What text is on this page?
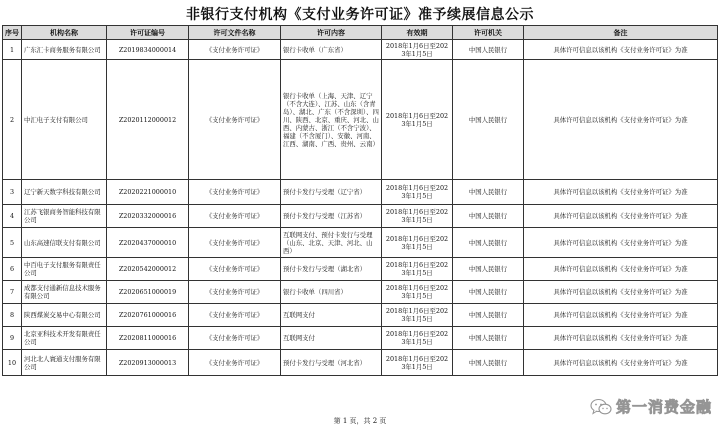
非银行支付机构《支付业务许可证》准予续展信息公示
序号	机构名称	许可证编号	许可文件名称	许可内容	有效期	许可机关	备注
1	广东汇卡商务服务有限公司	Z2019834000014	《支付业务许可证》	银行卡收单（广东省）	2018年1月6日至2023年1月5日	中国人民银行	具体许可信息以该机构《支付业务许可证》为准
2	中汇电子支付有限公司	Z2020112000012	《支付业务许可证》	银行卡收单（上海、天津、辽宁（不含大连）、江苏、山东（含青岛）、湖北、广东（不含深圳）、四川、陕西、北京、重庆、河北、山西、内蒙古、浙江（不含宁波）、福建（不含厦门）、安徽、河南、江西、湖南、广西、贵州、云南）	2018年1月6日至2023年1月5日	中国人民银行	具体许可信息以该机构《支付业务许可证》为准
3	辽宁新天数字科技有限公司	Z2020221000010	《支付业务许可证》	预付卡发行与受理（辽宁省）	2018年1月6日至2023年1月5日	中国人民银行	具体许可信息以该机构《支付业务许可证》为准
4	江苏飞银商务智能科技有限公司	Z2020332000016	《支付业务许可证》	预付卡发行与受理（江苏省）	2018年1月6日至2023年1月5日	中国人民银行	具体许可信息以该机构《支付业务许可证》为准
5	山东高速信联支付有限公司	Z2020437000010	《支付业务许可证》	互联网支付、预付卡发行与受理（山东、北京、天津、河北、山西）	2018年1月6日至2023年1月5日	中国人民银行	具体许可信息以该机构《支付业务许可证》为准
6	中百电子支付服务有限责任公司	Z2020542000012	《支付业务许可证》	预付卡发行与受理（湖北省）	2018年1月6日至2023年1月5日	中国人民银行	具体许可信息以该机构《支付业务许可证》为准
7	成都支付通新信息技术服务有限公司	Z2020651000019	《支付业务许可证》	银行卡收单（四川省）	2018年1月6日至2023年1月5日	中国人民银行	具体许可信息以该机构《支付业务许可证》为准
8	陕西煤炭交易中心有限公司	Z2020761000016	《支付业务许可证》	互联网支付	2018年1月6日至2023年1月5日	中国人民银行	具体许可信息以该机构《支付业务许可证》为准
9	北京亚科技术开发有限责任公司	Z2020811000016	《支付业务许可证》	互联网支付	2018年1月6日至2023年1月5日	中国人民银行	具体许可信息以该机构《支付业务许可证》为准
10	河北北人寰通支付服务有限公司	Z2020913000013	《支付业务许可证》	预付卡发行与受理（河北省）	2018年1月6日至2023年1月5日	中国人民银行	具体许可信息以该机构《支付业务许可证》为准
第一消费金融
第 1 页，共 2 页
